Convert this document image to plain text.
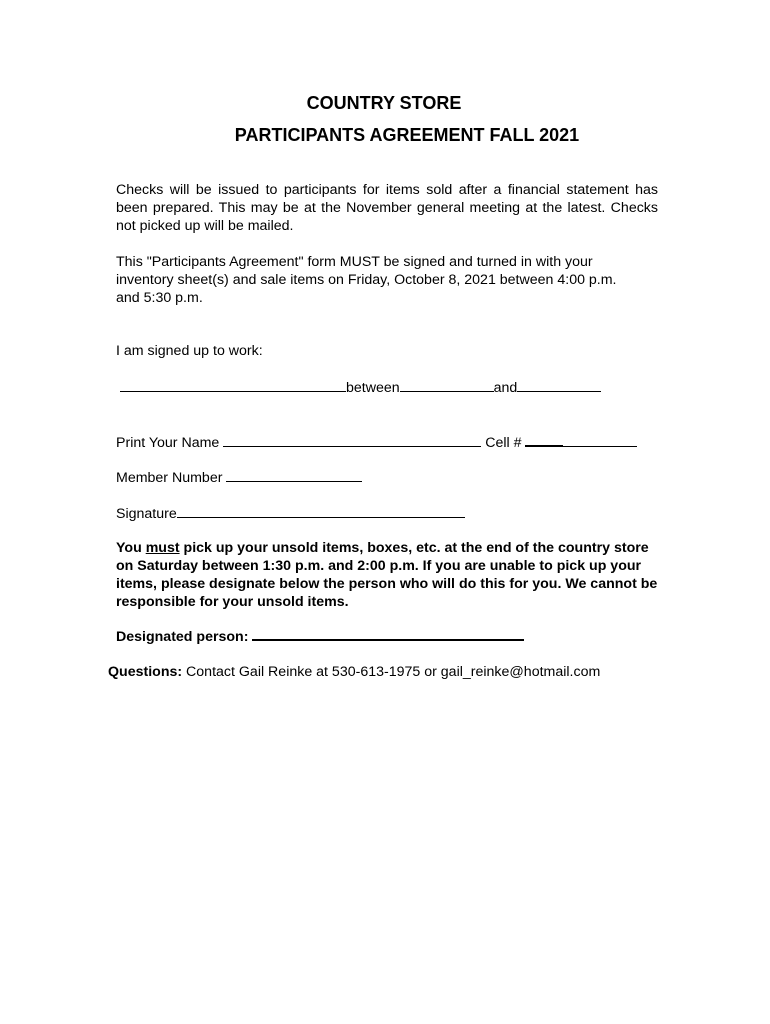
COUNTRY STORE
PARTICIPANTS AGREEMENT FALL 2021

Checks will be issued to participants for items sold after a financial statement has been prepared. This may be at the November general meeting at the latest. Checks not picked up will be mailed.

This "Participants Agreement" form MUST be signed and turned in with your inventory sheet(s) and sale items on Friday, October 8, 2021 between 4:00 p.m. and 5:30 p.m.

I am signed up to work:

between	and
Print Your Name	Cell #
Member Number
Signature

You must pick up your unsold items, boxes, etc. at the end of the country store on Saturday between 1:30 p.m. and 2:00 p.m. If you are unable to pick up your items, please designate below the person who will do this for you. We cannot be responsible for your unsold items.

Designated person:
Questions: Contact Gail Reinke at 530-613-1975 or gail_reinke@hotmail.com
